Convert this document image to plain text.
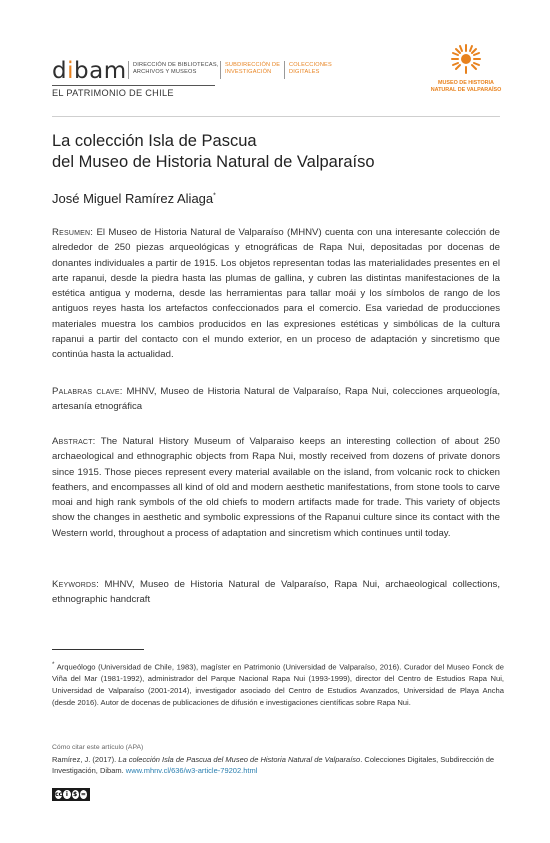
dibam DIRECCIÓN DE BIBLIOTECAS,
ARCHIVOS Y MUSEOS
SUBDIRECCIÓN DE
INVESTIGACIÓN
COLECCIONES
DIGITALES
EL PATRIMONIO DE CHILE
MUSEO DE HISTORIA
NATURAL DE VALPARAÍSO
La colección Isla de Pascua
del Museo de Historia Natural de Valparaíso
José Miguel Ramírez Aliaga*
Resumen: El Museo de Historia Natural de Valparaíso (MHNV) cuenta con una interesante colección de alrededor de 250 piezas arqueológicas y etnográficas de Rapa Nui, depositadas por docenas de donantes individuales a partir de 1915. Los objetos representan todas las materialidades presentes en el arte rapanui, desde la piedra hasta las plumas de gallina, y cubren las distintas manifestaciones de la estética antigua y moderna, desde las herramientas para tallar moái y los símbolos de rango de los antiguos reyes hasta los artefactos confeccionados para el comercio. Esa variedad de producciones materiales muestra los cambios producidos en las expresiones estéticas y simbólicas de la cultura rapanui a partir del contacto con el mundo exterior, en un proceso de adaptación y sincretismo que continúa hasta la actualidad.
Palabras clave: MHNV, Museo de Historia Natural de Valparaíso, Rapa Nui, colecciones arqueología, artesanía etnográfica
Abstract: The Natural History Museum of Valparaiso keeps an interesting collection of about 250 archaeological and ethnographic objects from Rapa Nui, mostly received from dozens of private donors since 1915. Those pieces represent every material available on the island, from volcanic rock to chicken feathers, and encompasses all kind of old and modern aesthetic manifestations, from stone tools to carve moai and high rank symbols of the old chiefs to modern artifacts made for trade. This variety of objects show the changes in aesthetic and symbolic expressions of the Rapanui culture since its contact with the Western world, throughout a process of adaptation and sincretism which continues until today.
Keywords: MHNV, Museo de Historia Natural de Valparaíso, Rapa Nui, archaeological collections, ethnographic handcraft
* Arqueólogo (Universidad de Chile, 1983), magíster en Patrimonio (Universidad de Valparaíso, 2016). Curador del Museo Fonck de Viña del Mar (1981-1992), administrador del Parque Nacional Rapa Nui (1993-1999), director del Centro de Estudios Rapa Nui, Universidad de Valparaíso (2001-2014), investigador asociado del Centro de Estudios Avanzados, Universidad de Playa Ancha (desde 2016). Autor de docenas de publicaciones de difusión e investigaciones científicas sobre Rapa Nui.
Cómo citar este artículo (APA)
Ramírez, J. (2017). La colección Isla de Pascua del Museo de Historia Natural de Valparaíso. Colecciones Digitales, Subdirección de Investigación, Dibam. www.mhnv.cl/636/w3-article-79202.html
cc i $ =
